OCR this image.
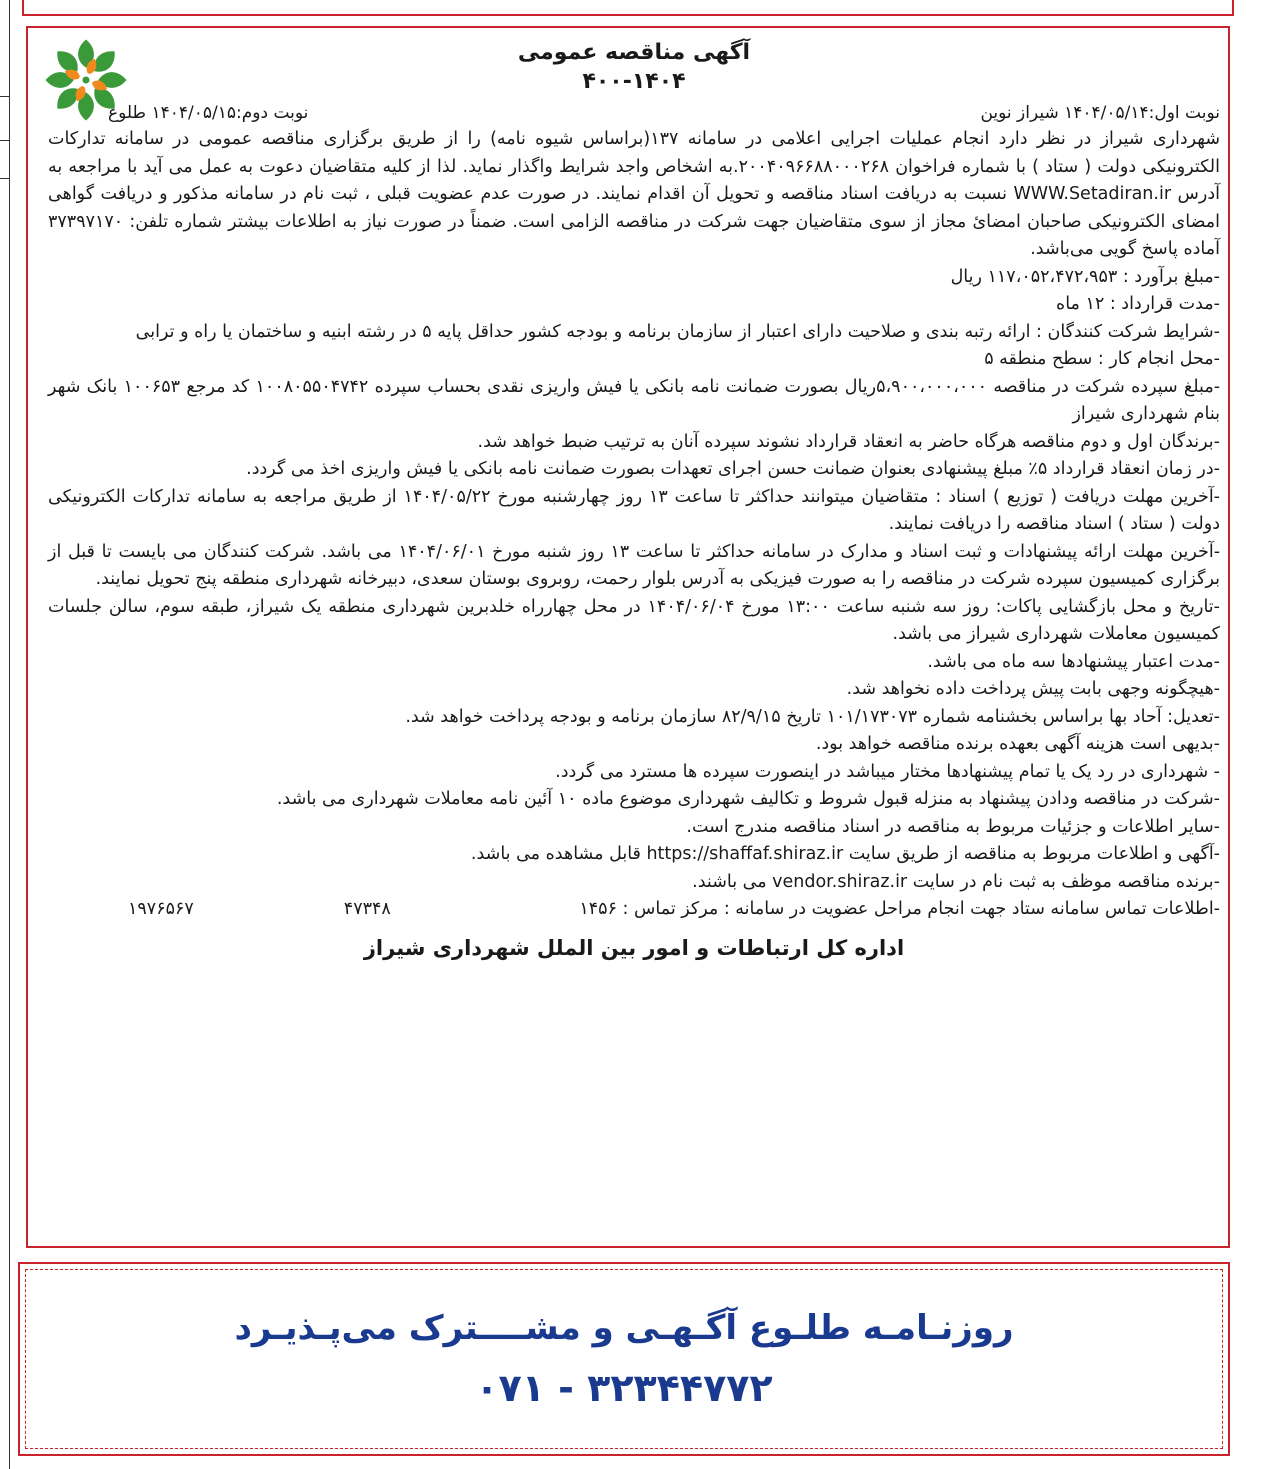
آگهی مناقصه عمومی

۴۰۰-۱۴۰۴

نوبت اول:۱۴۰۴/۰۵/۱۴ شیراز نوین
نوبت دوم:۱۴۰۴/۰۵/۱۵ طلوع

شهرداری شیراز در نظر دارد انجام عملیات اجرایی اعلامی در سامانه ۱۳۷(براساس شیوه نامه) را از طریق برگزاری مناقصه عمومی در سامانه تدارکات الکترونیکی دولت ( ستاد ) با شماره فراخوان ۲۰۰۴۰۹۶۶۸۸۰۰۰۲۶۸.به اشخاص واجد شرایط واگذار نماید. لذا از کلیه متقاضیان دعوت به عمل می آید با مراجعه به آدرس WWW.Setadiran.ir نسبت به دریافت اسناد مناقصه و تحویل آن اقدام نمایند. در صورت عدم عضویت قبلی ، ثبت نام در سامانه مذکور و دریافت گواهی امضای الکترونیکی صاحبان امضائ مجاز از سوی متقاضیان جهت شرکت در مناقصه الزامی است. ضمناً در صورت نیاز به اطلاعات بیشتر شماره تلفن: ۳۷۳۹۷۱۷۰ آماده پاسخ گویی می‌باشد.

-مبلغ برآورد : ۱۱۷،۰۵۲،۴۷۲،۹۵۳ ریال

-مدت قرارداد : ۱۲ ماه

-شرایط شرکت کنندگان : ارائه رتبه بندی و صلاحیت دارای اعتبار از سازمان برنامه و بودجه کشور حداقل پایه ۵ در رشته ابنیه و ساختمان یا راه و ترابی

-محل انجام کار : سطح منطقه ۵

-مبلغ سپرده شرکت در مناقصه ۵،۹۰۰،۰۰۰،۰۰۰ریال بصورت ضمانت نامه بانکی یا فیش واریزی نقدی بحساب سپرده ۱۰۰۸۰۵۵۰۴۷۴۲ کد مرجع ۱۰۰۶۵۳ بانک شهر بنام شهرداری شیراز

-برندگان اول و دوم مناقصه هرگاه حاضر به انعقاد قرارداد نشوند سپرده آنان به ترتیب ضبط خواهد شد.

-در زمان انعقاد قرارداد ۵٪ مبلغ پیشنهادی بعنوان ضمانت حسن اجرای تعهدات بصورت ضمانت نامه بانکی یا فیش واریزی اخذ می گردد.

-آخرین مهلت دریافت ( توزیع ) اسناد : متقاضیان میتوانند حداکثر تا ساعت ۱۳ روز چهارشنبه مورخ ۱۴۰۴/۰۵/۲۲ از طریق مراجعه به سامانه تدارکات الکترونیکی دولت ( ستاد ) اسناد مناقصه را دریافت نمایند.

-آخرین مهلت ارائه پیشنهادات و ثبت اسناد و مدارک در سامانه حداکثر تا ساعت ۱۳ روز شنبه مورخ ۱۴۰۴/۰۶/۰۱ می باشد. شرکت کنندگان می بایست تا قبل از برگزاری کمیسیون سپرده شرکت در مناقصه را به صورت فیزیکی به آدرس بلوار رحمت، روبروی بوستان سعدی، دبیرخانه شهرداری منطقه پنج تحویل نمایند.

-تاریخ و محل بازگشایی پاکات: روز سه شنبه ساعت ۱۳:۰۰ مورخ ۱۴۰۴/۰۶/۰۴ در محل چهارراه خلدبرین شهرداری منطقه یک شیراز، طبقه سوم، سالن جلسات کمیسیون معاملات شهرداری شیراز می باشد.

-مدت اعتبار پیشنهادها سه ماه می باشد.

-هیچگونه وجهی بابت پیش پرداخت داده نخواهد شد.

-تعدیل: آحاد بها براساس بخشنامه شماره ۱۰۱/۱۷۳۰۷۳ تاریخ ۸۲/۹/۱۵ سازمان برنامه و بودجه پرداخت خواهد شد.

-بدیهی است هزینه آگهی بعهده برنده مناقصه خواهد بود.

- شهرداری در رد یک یا تمام پیشنهادها مختار میباشد در اینصورت سپرده ها مسترد می گردد.

-شرکت در مناقصه ودادن پیشنهاد به منزله قبول شروط و تکالیف شهرداری موضوع ماده ۱۰ آئین نامه معاملات شهرداری می باشد.

-سایر اطلاعات و جزئیات مربوط به مناقصه در اسناد مناقصه مندرج است.

-آگهی و اطلاعات مربوط به مناقصه از طریق سایت https://shaffaf.shiraz.ir قابل مشاهده می باشد.

-برنده مناقصه موظف به ثبت نام در سایت vendor.shiraz.ir می باشند.

-اطلاعات تماس سامانه ستاد جهت انجام مراحل عضویت در سامانه : مرکز تماس : ۱۴۵۶
۱۹۷۶۵۶۷	۴۷۳۴۸
اداره کل ارتباطات و امور بین الملل شهرداری شیراز
روزنـامـه طلـوع آگـهـی و مشــــترک می‌پـذیـرد
۰۷۱ - ۳۲۳۴۴۷۷۲
